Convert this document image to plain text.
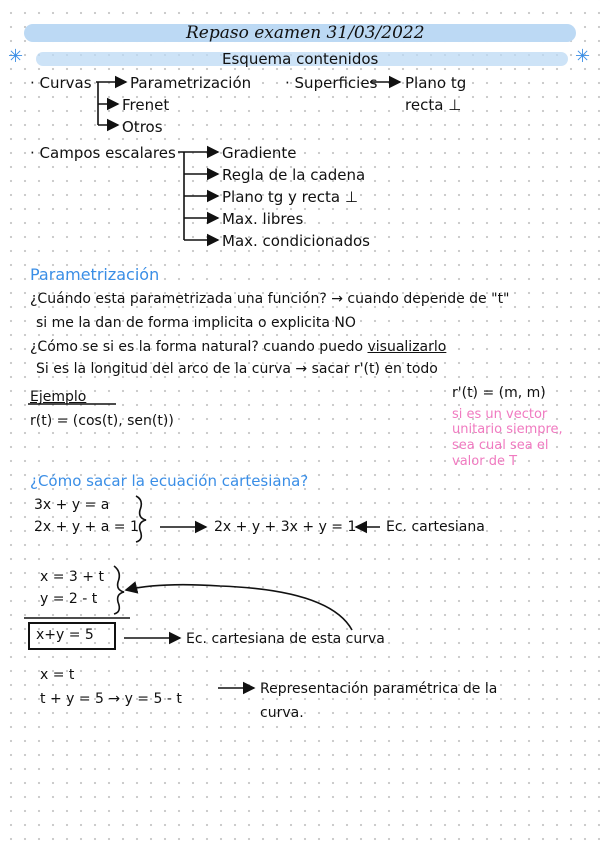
Repaso examen 31/03/2022
Esquema contenidos
✳	✳
· Curvas	Parametrización
Frenet
Otros
· Superficies Plano tg
recta ⊥
· Campos escalares	Gradiente
Regla de la cadena
Plano tg y recta ⊥
Max. libres
Max. condicionados
Parametrización
¿Cuándo esta parametrizada una función? → cuando depende de "t"
si me la dan de forma implicita o explicita NO
¿Cómo se si es la forma natural? cuando puedo visualizarlo
Si es la longitud del arco de la curva → sacar r'(t) en todo
Ejemplo
r(t) = (cos(t), sen(t))
r'(t) = (m, m)
si es un vector
unitario siempre,
sea cual sea el
valor de T
¿Cómo sacar la ecuación cartesiana?
3x + y = a
2x + y + a = 1	2x + y + 3x + y = 1 Ec. cartesiana
x = 3 + t
y = 2 - t
x+y = 5	Ec. cartesiana de esta curva
x = t
t + y = 5 → y = 5 - t
Representación paramétrica de la
curva.
